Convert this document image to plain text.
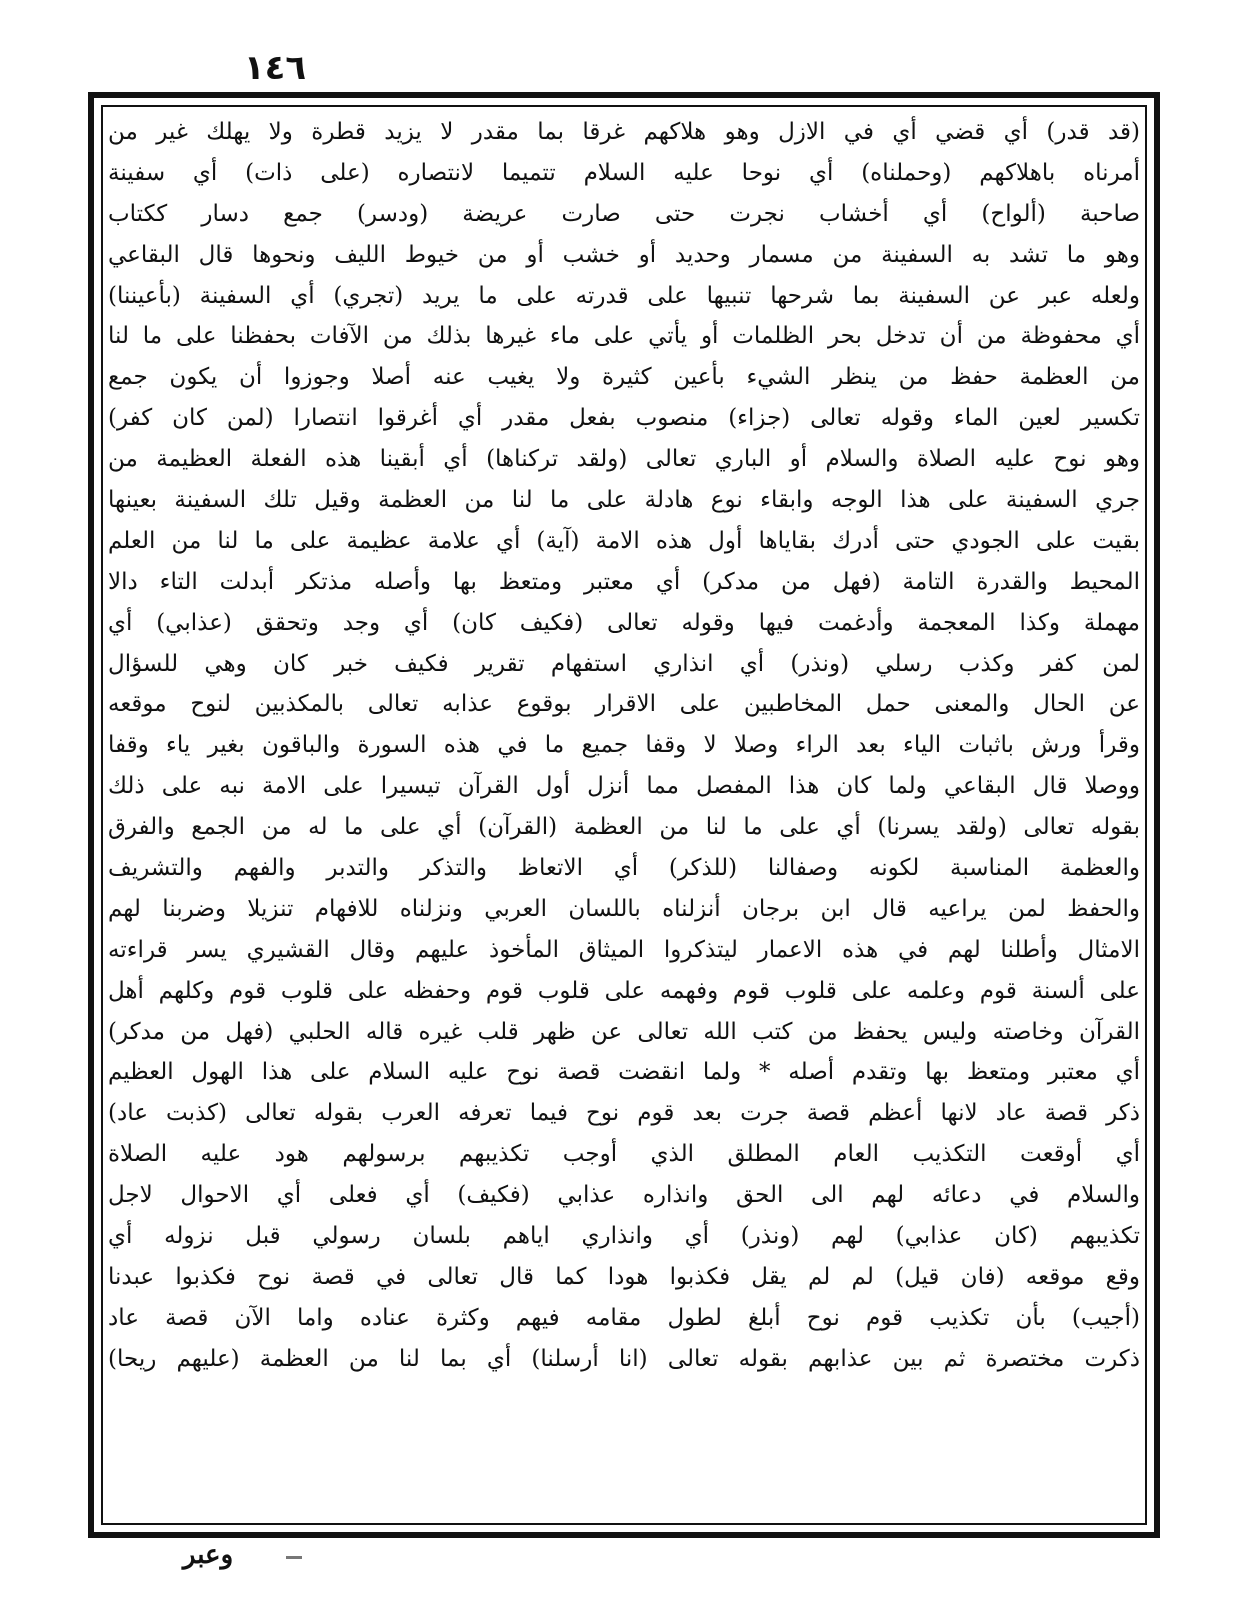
١٤٦
(قد قدر) أي قضي أي في الازل وهو هلاكهم غرقا بما مقدر لا يزيد قطرة ولا يهلك غير من
أمرناه باهلاكهم (وحملناه) أي نوحا عليه السلام تتميما لانتصاره (على ذات) أي سفينة
صاحبة (ألواح) أي أخشاب نجرت حتى صارت عريضة (ودسر) جمع دسار ككتاب
وهو ما تشد به السفينة من مسمار وحديد أو خشب أو من خيوط الليف ونحوها قال البقاعي
ولعله عبر عن السفينة بما شرحها تنبيها على قدرته على ما يريد (تجري) أي السفينة (بأعيننا)
أي محفوظة من أن تدخل بحر الظلمات أو يأتي على ماء غيرها بذلك من الآفات بحفظنا على ما لنا
من العظمة حفظ من ينظر الشيء بأعين كثيرة ولا يغيب عنه أصلا وجوزوا أن يكون جمع
تكسير لعين الماء وقوله تعالى (جزاء) منصوب بفعل مقدر أي أغرقوا انتصارا (لمن كان كفر)
وهو نوح عليه الصلاة والسلام أو الباري تعالى (ولقد تركناها) أي أبقينا هذه الفعلة العظيمة من
جري السفينة على هذا الوجه وابقاء نوع هادلة على ما لنا من العظمة وقيل تلك السفينة بعينها
بقيت على الجودي حتى أدرك بقاياها أول هذه الامة (آية) أي علامة عظيمة على ما لنا من العلم
المحيط والقدرة التامة (فهل من مدكر) أي معتبر ومتعظ بها وأصله مذتكر أبدلت التاء دالا
مهملة وكذا المعجمة وأدغمت فيها وقوله تعالى (فكيف كان) أي وجد وتحقق (عذابي) أي
لمن كفر وكذب رسلي (ونذر) أي انذاري استفهام تقرير فكيف خبر كان وهي للسؤال
عن الحال والمعنى حمل المخاطبين على الاقرار بوقوع عذابه تعالى بالمكذبين لنوح موقعه
وقرأ ورش باثبات الياء بعد الراء وصلا لا وقفا جميع ما في هذه السورة والباقون بغير ياء وقفا
ووصلا قال البقاعي ولما كان هذا المفصل مما أنزل أول القرآن تيسيرا على الامة نبه على ذلك
بقوله تعالى (ولقد يسرنا) أي على ما لنا من العظمة (القرآن) أي على ما له من الجمع والفرق
والعظمة المناسبة لكونه وصفالنا (للذكر) أي الاتعاظ والتذكر والتدبر والفهم والتشريف
والحفظ لمن يراعيه قال ابن برجان أنزلناه باللسان العربي ونزلناه للافهام تنزيلا وضربنا لهم
الامثال وأطلنا لهم في هذه الاعمار ليتذكروا الميثاق المأخوذ عليهم وقال القشيري يسر قراءته
على ألسنة قوم وعلمه على قلوب قوم وفهمه على قلوب قوم وحفظه على قلوب قوم وكلهم أهل
القرآن وخاصته وليس يحفظ من كتب الله تعالى عن ظهر قلب غيره قاله الحلبي (فهل من مدكر)
أي معتبر ومتعظ بها وتقدم أصله * ولما انقضت قصة نوح عليه السلام على هذا الهول العظيم
ذكر قصة عاد لانها أعظم قصة جرت بعد قوم نوح فيما تعرفه العرب بقوله تعالى (كذبت عاد)
أي أوقعت التكذيب العام المطلق الذي أوجب تكذيبهم برسولهم هود عليه الصلاة
والسلام في دعائه لهم الى الحق وانذاره عذابي (فكيف) أي فعلى أي الاحوال لاجل
تكذيبهم (كان عذابي) لهم (ونذر) أي وانذاري اياهم بلسان رسولي قبل نزوله أي
وقع موقعه (فان قيل) لم لم يقل فكذبوا هودا كما قال تعالى في قصة نوح فكذبوا عبدنا
(أجيب) بأن تكذيب قوم نوح أبلغ لطول مقامه فيهم وكثرة عناده واما الآن قصة عاد
ذكرت مختصرة ثم بين عذابهم بقوله تعالى (انا أرسلنا) أي بما لنا من العظمة (عليهم ريحا)
وعبر
